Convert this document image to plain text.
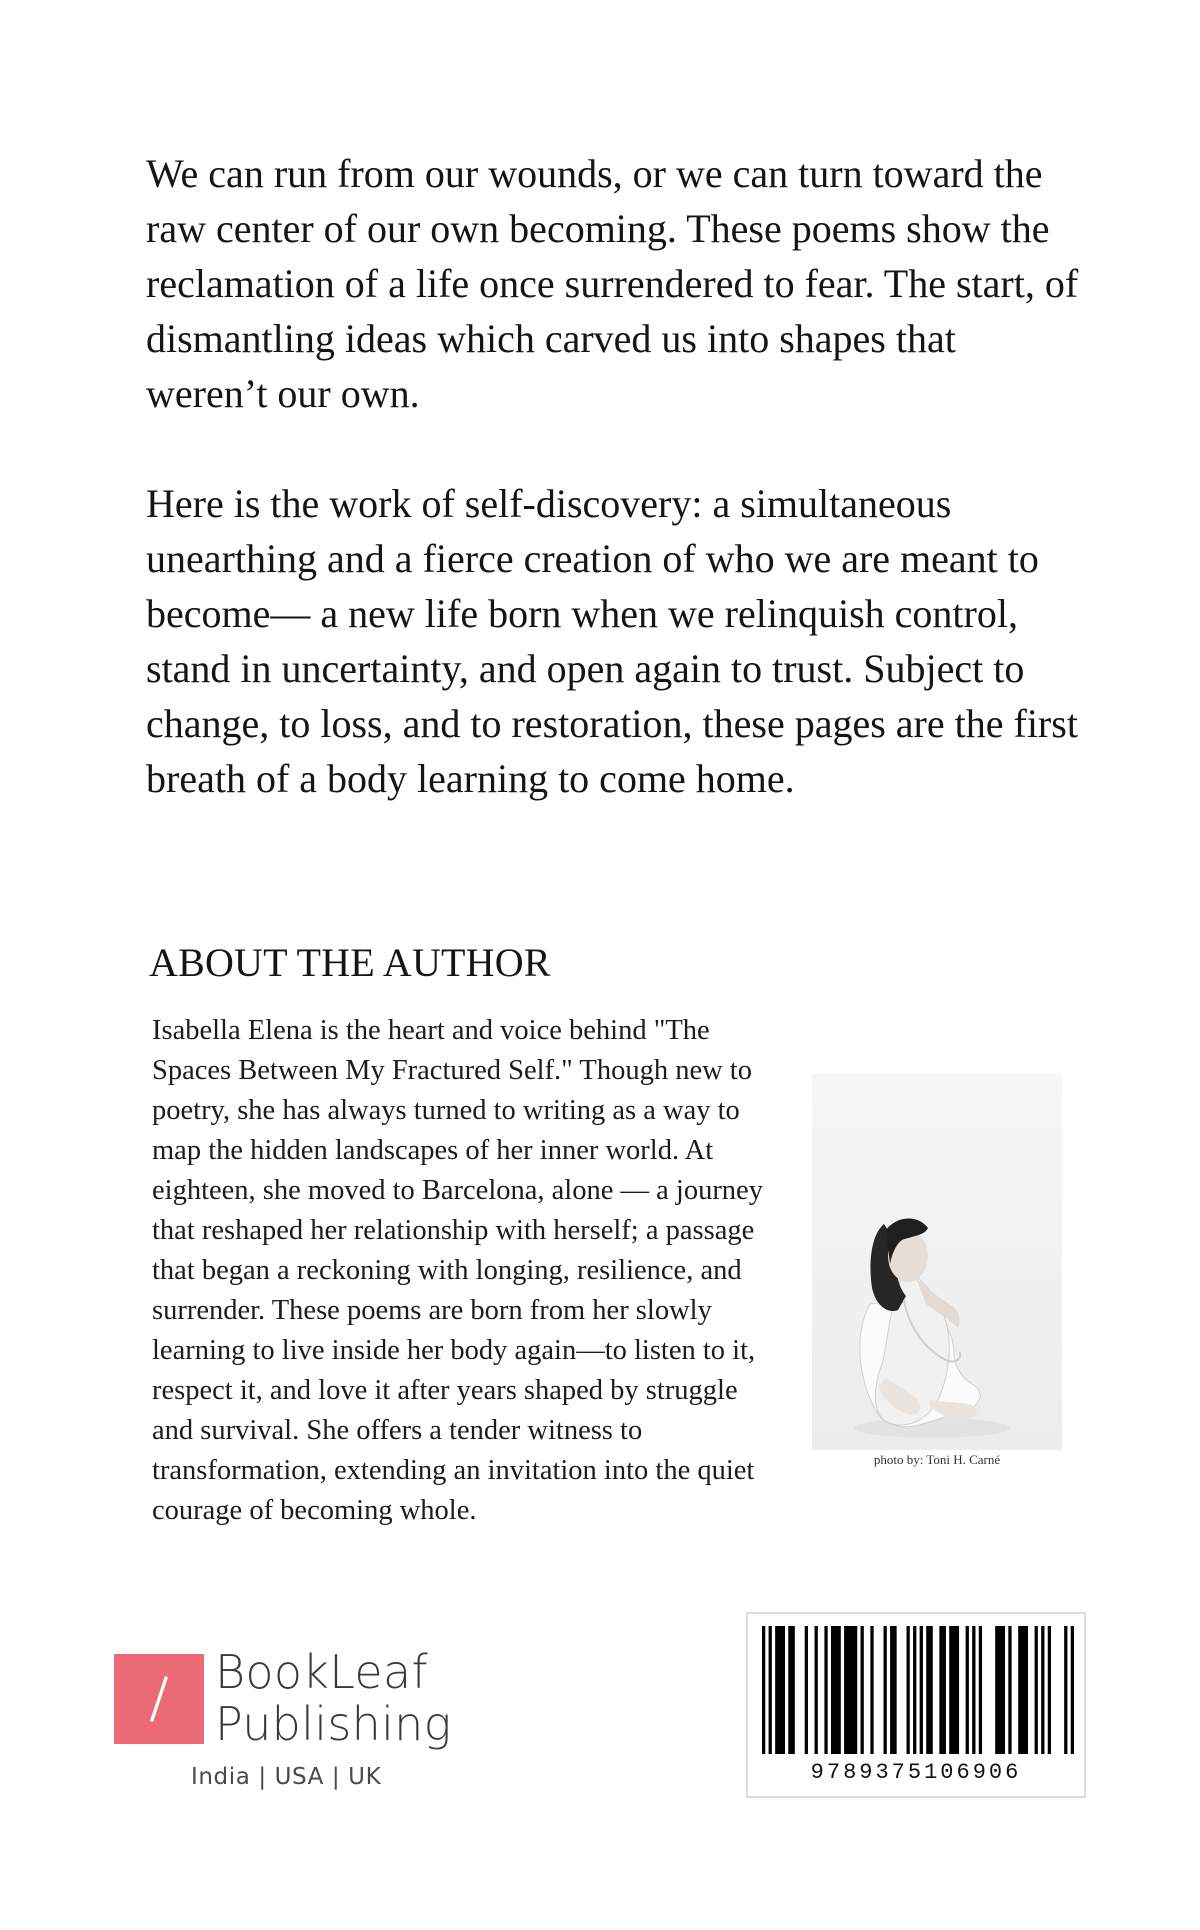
We can run from our wounds, or we can turn toward the raw center of our own becoming. These poems show the reclamation of a life once surrendered to fear. The start, of dismantling ideas which carved us into shapes that weren’t our own.

Here is the work of self-discovery: a simultaneous unearthing and a fierce creation of who we are meant to become— a new life born when we relinquish control, stand in uncertainty, and open again to trust. Subject to change, to loss, and to restoration, these pages are the first breath of a body learning to come home.

ABOUT THE AUTHOR

Isabella Elena is the heart and voice behind "The Spaces Between My Fractured Self." Though new to poetry, she has always turned to writing as a way to map the hidden landscapes of her inner world. At eighteen, she moved to Barcelona, alone — a journey that reshaped her relationship with herself; a passage that began a reckoning with longing, resilience, and surrender. These poems are born from her slowly learning to live inside her body again—to listen to it, respect it, and love it after years shaped by struggle and survival. She offers a tender witness to transformation, extending an invitation into the quiet courage of becoming whole.

photo by: Toni H. Carné
BookLeaf
Publishing
India | USA | UK	9789375106906
